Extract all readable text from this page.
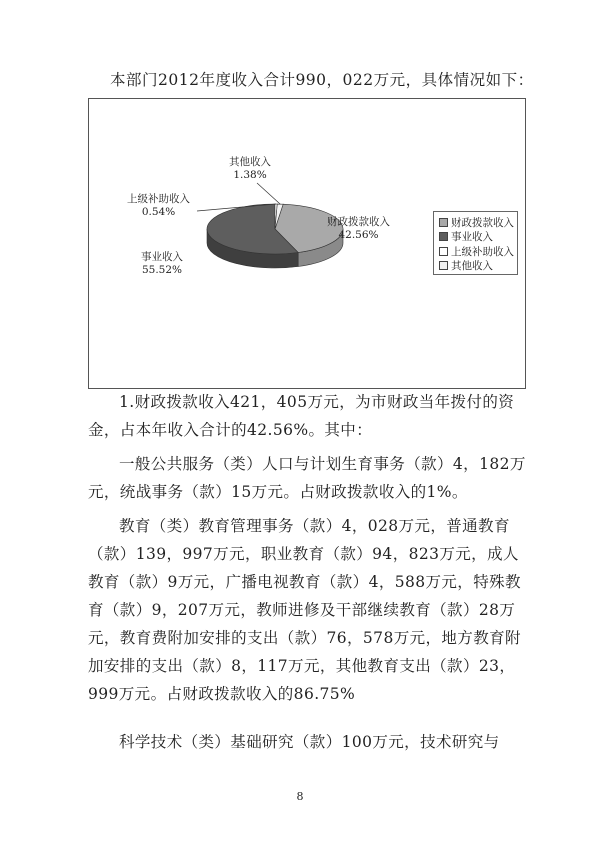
本部门2012年度收入合计990，022万元，具体情况如下：
其他收入
1.38%
上级补助收入
0.54%
财政拨款收入
42.56%
事业收入
55.52%
财政拨款收入
事业收入
上级补助收入
其他收入
1.财政拨款收入421，405万元，为市财政当年拨付的资金，占本年收入合计的42.56%。其中：
一般公共服务（类）人口与计划生育事务（款）4，182万元，统战事务（款）15万元。占财政拨款收入的1%。
教育（类）教育管理事务（款）4，028万元，普通教育（款）139，997万元，职业教育（款）94，823万元，成人教育（款）9万元，广播电视教育（款）4，588万元，特殊教育（款）9，207万元，教师进修及干部继续教育（款）28万元，教育费附加安排的支出（款）76，578万元，地方教育附加安排的支出（款）8，117万元，其他教育支出（款）23，999万元。占财政拨款收入的86.75%
科学技术（类）基础研究（款）100万元，技术研究与
8
